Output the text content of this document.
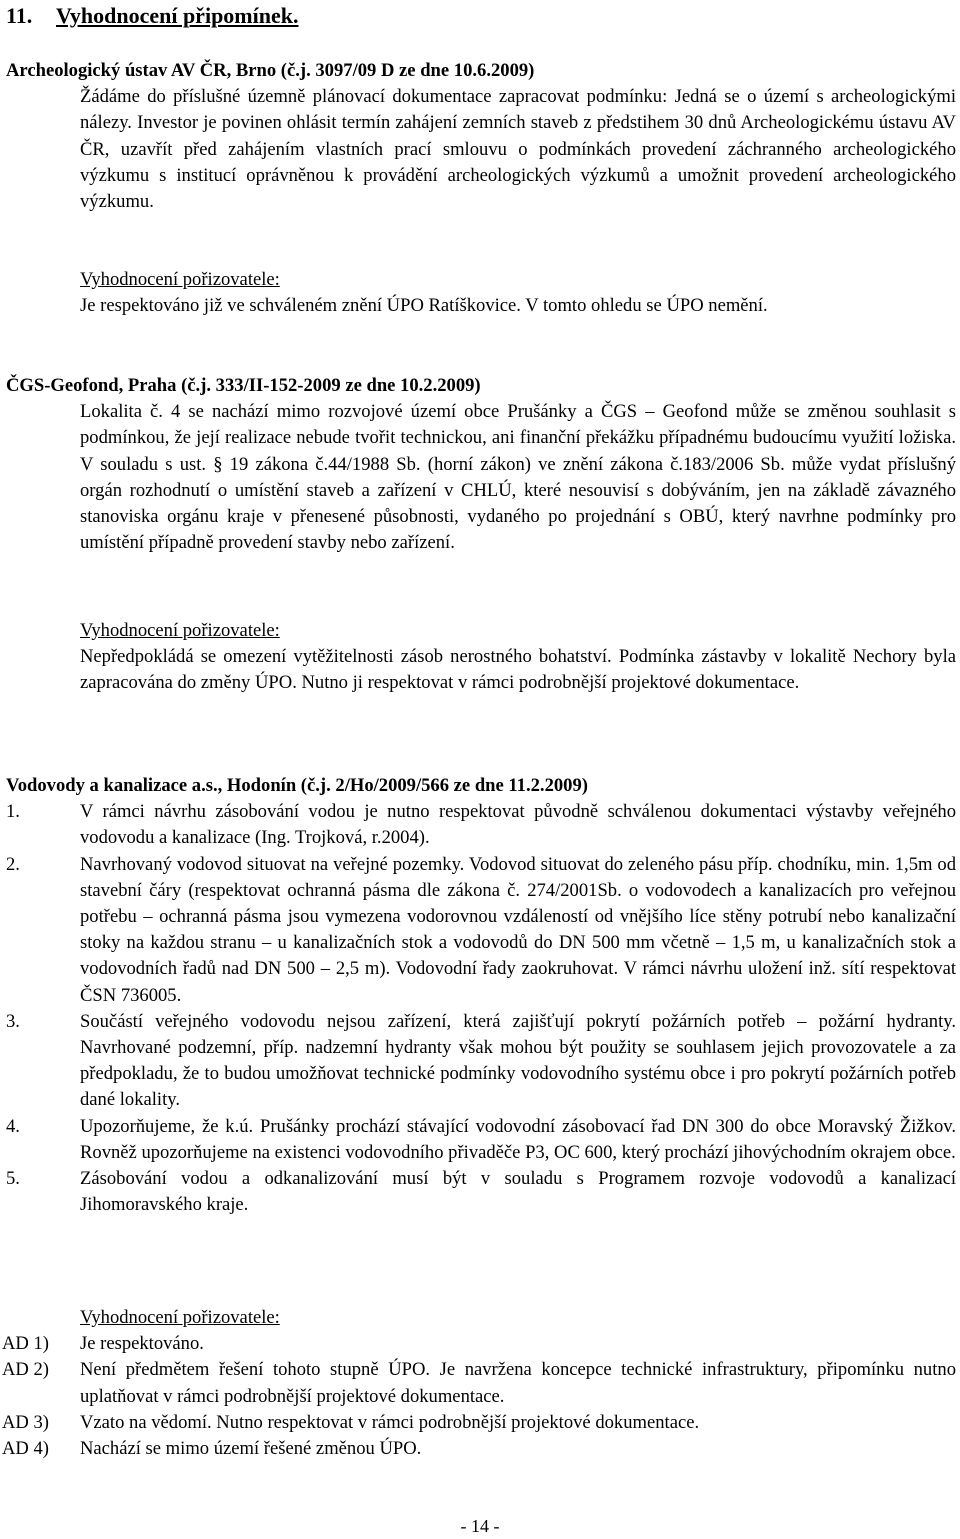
11. Vyhodnocení připomínek.

Archeologický ústav AV ČR, Brno (č.j. 3097/09 D ze dne 10.6.2009)

Žádáme do příslušné územně plánovací dokumentace zapracovat podmínku: Jedná se o území s archeologickými nálezy. Investor je povinen ohlásit termín zahájení zemních staveb z předstihem 30 dnů Archeologickému ústavu AV ČR, uzavřít před zahájením vlastních prací smlouvu o podmínkách provedení záchranného archeologického výzkumu s institucí oprávněnou k provádění archeologických výzkumů a umožnit provedení archeologického výzkumu.

Vyhodnocení pořizovatele:

Je respektováno již ve schváleném znění ÚPO Ratíškovice. V tomto ohledu se ÚPO nemění.

ČGS-Geofond, Praha (č.j. 333/II-152-2009 ze dne 10.2.2009)

Lokalita č. 4 se nachází mimo rozvojové území obce Prušánky a ČGS – Geofond může se změnou souhlasit s podmínkou, že její realizace nebude tvořit technickou, ani finanční překážku případnému budoucímu využití ložiska. V souladu s ust. § 19 zákona č.44/1988 Sb. (horní zákon) ve znění zákona č.183/2006 Sb. může vydat příslušný orgán rozhodnutí o umístění staveb a zařízení v CHLÚ, které nesouvisí s dobýváním, jen na základě závazného stanoviska orgánu kraje v přenesené působnosti, vydaného po projednání s OBÚ, který navrhne podmínky pro umístění případně provedení stavby nebo zařízení.

Vyhodnocení pořizovatele:

Nepředpokládá se omezení vytěžitelnosti zásob nerostného bohatství. Podmínka zástavby v lokalitě Nechory byla zapracována do změny ÚPO. Nutno ji respektovat v rámci podrobnější projektové dokumentace.

Vodovody a kanalizace a.s., Hodonín (č.j. 2/Ho/2009/566 ze dne 11.2.2009)

1.	V rámci návrhu zásobování vodou je nutno respektovat původně schválenou dokumentaci výstavby veřejného vodovodu a kanalizace (Ing. Trojková, r.2004).
2.	Navrhovaný vodovod situovat na veřejné pozemky. Vodovod situovat do zeleného pásu příp. chodníku, min. 1,5m od stavební čáry (respektovat ochranná pásma dle zákona č. 274/2001Sb. o vodovodech a kanalizacích pro veřejnou potřebu – ochranná pásma jsou vymezena vodorovnou vzdáleností od vnějšího líce stěny potrubí nebo kanalizační stoky na každou stranu – u kanalizačních stok a vodovodů do DN 500 mm včetně – 1,5 m, u kanalizačních stok a vodovodních řadů nad DN 500 – 2,5 m). Vodovodní řady zaokruhovat. V rámci návrhu uložení inž. sítí respektovat ČSN 736005.
3.	Součástí veřejného vodovodu nejsou zařízení, která zajišťují pokrytí požárních potřeb – požární hydranty. Navrhované podzemní, příp. nadzemní hydranty však mohou být použity se souhlasem jejich provozovatele a za předpokladu, že to budou umožňovat technické podmínky vodovodního systému obce i pro pokrytí požárních potřeb dané lokality.
4.	Upozorňujeme, že k.ú. Prušánky prochází stávající vodovodní zásobovací řad DN 300 do obce Moravský Žižkov. Rovněž upozorňujeme na existenci vodovodního přivaděče P3, OC 600, který prochází jihovýchodním okrajem obce.
5.	Zásobování vodou a odkanalizování musí být v souladu s Programem rozvoje vodovodů a kanalizací Jihomoravského kraje.

Vyhodnocení pořizovatele:

AD 1)	Je respektováno.
AD 2)	Není předmětem řešení tohoto stupně ÚPO. Je navržena koncepce technické infrastruktury, připomínku nutno uplatňovat v rámci podrobnější projektové dokumentace.
AD 3)	Vzato na vědomí. Nutno respektovat v rámci podrobnější projektové dokumentace.
AD 4)	Nachází se mimo území řešené změnou ÚPO.
- 14 -
